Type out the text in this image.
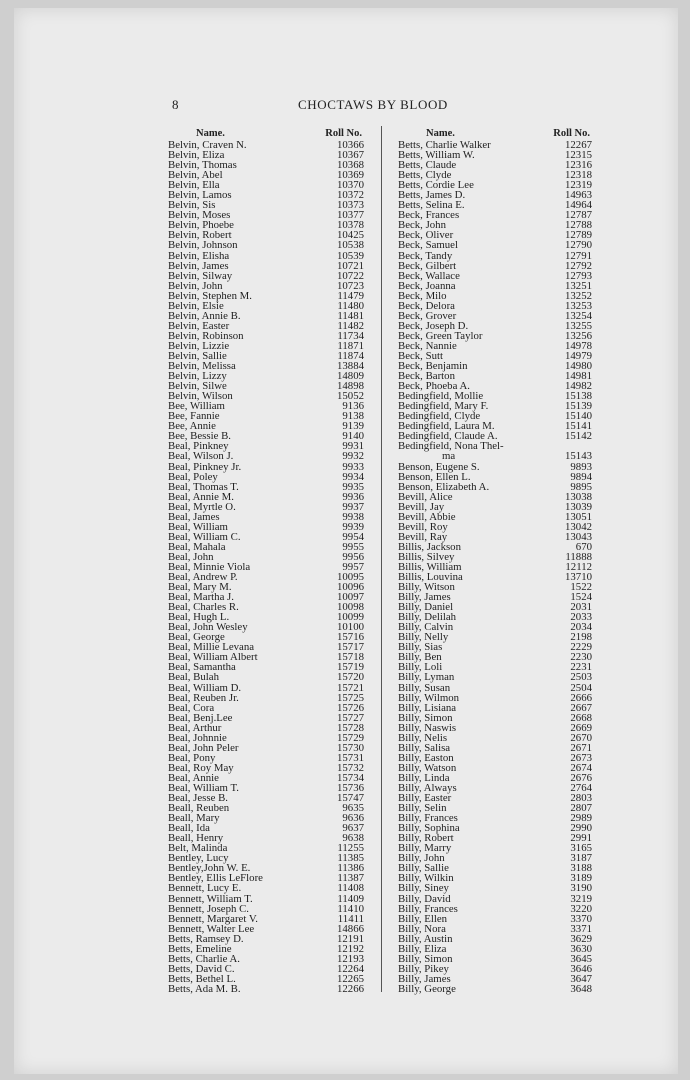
8	CHOCTAWS BY BLOOD
Name.	Roll No.
Belvin, Craven N.	10366
Belvin, Eliza	10367
Belvin, Thomas	10368
Belvin, Abel	10369
Belvin, Ella	10370
Belvin, Lamos	10372
Belvin, Sis	10373
Belvin, Moses	10377
Belvin, Phoebe	10378
Belvin, Robert	10425
Belvin, Johnson	10538
Belvin, Elisha	10539
Belvin, James	10721
Belvin, Silway	10722
Belvin, John	10723
Belvin, Stephen M.	11479
Belvin, Elsie	11480
Belvin, Annie B.	11481
Belvin, Easter	11482
Belvin, Robinson	11734
Belvin, Lizzie	11871
Belvin, Sallie	11874
Belvin, Melissa	13884
Belvin, Lizzy	14809
Belvin, Silwe	14898
Belvin, Wilson	15052
Bee, William	9136
Bee, Fannie	9138
Bee, Annie	9139
Bee, Bessie B.	9140
Beal, Pinkney	9931
Beal, Wilson J.	9932
Beal, Pinkney Jr.	9933
Beal, Poley	9934
Beal, Thomas T.	9935
Beal, Annie M.	9936
Beal, Myrtle O.	9937
Beal, James	9938
Beal, William	9939
Beal, William C.	9954
Beal, Mahala	9955
Beal, John	9956
Beal, Minnie Viola	9957
Beal, Andrew P.	10095
Beal, Mary M.	10096
Beal, Martha J.	10097
Beal, Charles R.	10098
Beal, Hugh L.	10099
Beal, John Wesley	10100
Beal, George	15716
Beal, Millie Levana	15717
Beal, William Albert	15718
Beal, Samantha	15719
Beal, Bulah	15720
Beal, William D.	15721
Beal, Reuben Jr.	15725
Beal, Cora	15726
Beal, Benj.Lee	15727
Beal, Arthur	15728
Beal, Johnnie	15729
Beal, John Peler	15730
Beal, Pony	15731
Beal, Roy May	15732
Beal, Annie	15734
Beal, William T.	15736
Beal, Jesse B.	15747
Beall, Reuben	9635
Beall, Mary	9636
Beall, Ida	9637
Beall, Henry	9638
Belt, Malinda	11255
Bentley, Lucy	11385
Bentley,John W. E.	11386
Bentley, Ellis LeFlore	11387
Bennett, Lucy E.	11408
Bennett, William T.	11409
Bennett, Joseph C.	11410
Bennett, Margaret V.	11411
Bennett, Walter Lee	14866
Betts, Ramsey D.	12191
Betts, Emeline	12192
Betts, Charlie A.	12193
Betts, David C.	12264
Betts, Bethel L.	12265
Betts, Ada M. B.	12266
Name.	Roll No.
Betts, Charlie Walker	12267
Betts, William W.	12315
Betts, Claude	12316
Betts, Clyde	12318
Betts, Cordie Lee	12319
Betts, James D.	14963
Betts, Selina E.	14964
Beck, Frances	12787
Beck, John	12788
Beck, Oliver	12789
Beck, Samuel	12790
Beck, Tandy	12791
Beck, Gilbert	12792
Beck, Wallace	12793
Beck, Joanna	13251
Beck, Milo	13252
Beck, Delora	13253
Beck, Grover	13254
Beck, Joseph D.	13255
Beck, Green Taylor	13256
Beck, Nannie	14978
Beck, Sutt	14979
Beck, Benjamin	14980
Beck, Barton	14981
Beck, Phoeba A.	14982
Bedingfield, Mollie	15138
Bedingfield, Mary F.	15139
Bedingfield, Clyde	15140
Bedingfield, Laura M.	15141
Bedingfield, Claude A.	15142
Bedingfield, Nona Thel-
ma	15143
Benson, Eugene S.	9893
Benson, Ellen L.	9894
Benson, Elizabeth A.	9895
Bevill, Alice	13038
Bevill, Jay	13039
Bevill, Abbie	13051
Bevill, Roy	13042
Bevill, Ray	13043
Billis, Jackson	670
Billis, Silvey	11888
Billis, William	12112
Billis, Louvina	13710
Billy, Witson	1522
Billy, James	1524
Billy, Daniel	2031
Billy, Delilah	2033
Billy, Calvin	2034
Billy, Nelly	2198
Billy, Sias	2229
Billy, Ben	2230
Billy, Loli	2231
Billy, Lyman	2503
Billy, Susan	2504
Billy, Wilmon	2666
Billy, Lisiana	2667
Billy, Simon	2668
Billy, Naswis	2669
Billy, Nelis	2670
Billy, Salisa	2671
Billy, Easton	2673
Billy, Watson	2674
Billy, Linda	2676
Billy, Always	2764
Billy, Easter	2803
Billy, Selin	2807
Billy, Frances	2989
Billy, Sophina	2990
Billy, Robert	2991
Billy, Marry	3165
Billy, John	3187
Billy, Sallie	3188
Billy, Wilkin	3189
Billy, Siney	3190
Billy, David	3219
Billy, Frances	3220
Billy, Ellen	3370
Billy, Nora	3371
Billy, Austin	3629
Billy, Eliza	3630
Billy, Simon	3645
Billy, Pikey	3646
Billy, James	3647
Billy, George	3648
